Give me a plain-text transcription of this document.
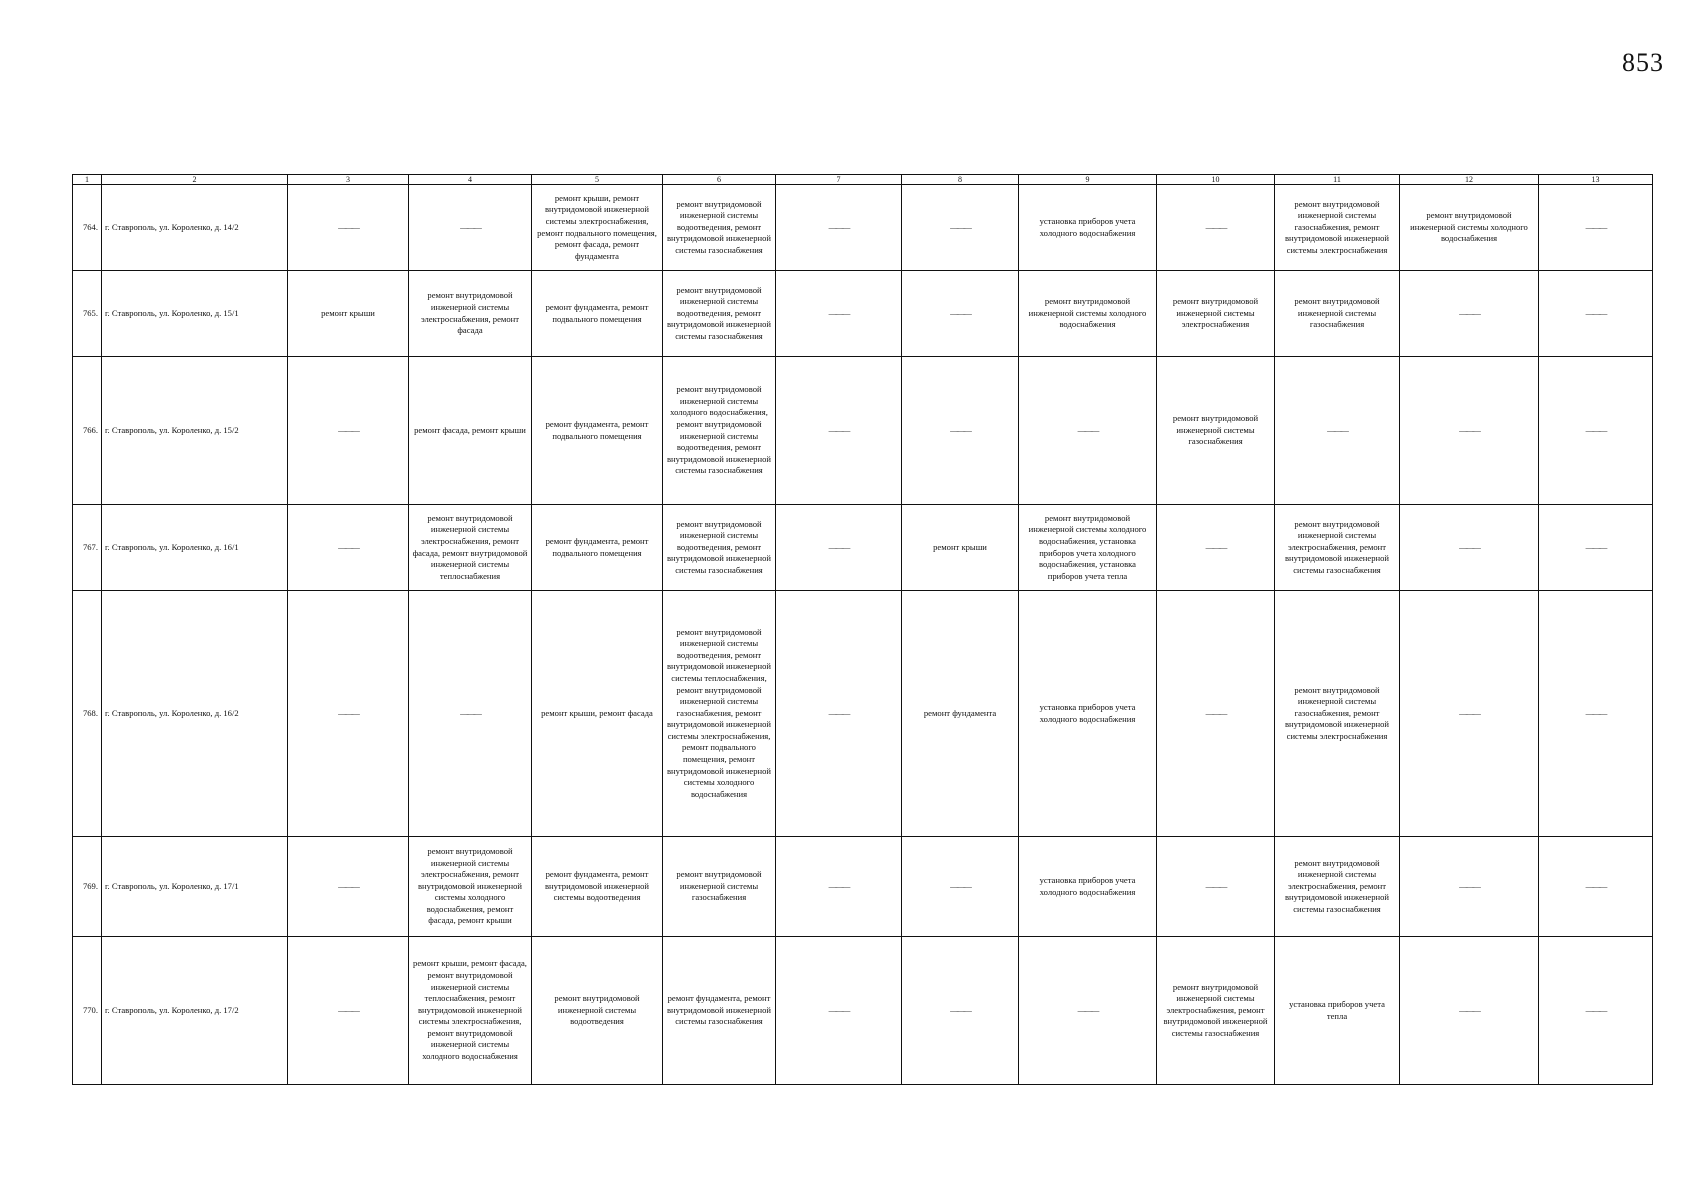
853
1	2	3	4	5	6	7	8	9	10	11	12	13
764.	г. Ставрополь, ул. Короленко, д. 14/2	———	———	ремонт крыши, ремонт внутридомовой инженерной системы электроснабжения, ремонт подвального помещения, ремонт фасада, ремонт фундамента	ремонт внутридомовой инженерной системы водоотведения, ремонт внутридомовой инженерной системы газоснабжения	———	———	установка приборов учета холодного водоснабжения	———	ремонт внутридомовой инженерной системы газоснабжения, ремонт внутридомовой инженерной системы электроснабжения	ремонт внутридомовой инженерной системы холодного водоснабжения	———
765.	г. Ставрополь, ул. Короленко, д. 15/1	ремонт крыши	ремонт внутридомовой инженерной системы электроснабжения, ремонт фасада	ремонт фундамента, ремонт подвального помещения	ремонт внутридомовой инженерной системы водоотведения, ремонт внутридомовой инженерной системы газоснабжения	———	———	ремонт внутридомовой инженерной системы холодного водоснабжения	ремонт внутридомовой инженерной системы электроснабжения	ремонт внутридомовой инженерной системы газоснабжения	———	———
766.	г. Ставрополь, ул. Короленко, д. 15/2	———	ремонт фасада, ремонт крыши	ремонт фундамента, ремонт подвального помещения	ремонт внутридомовой инженерной системы холодного водоснабжения, ремонт внутридомовой инженерной системы водоотведения, ремонт внутридомовой инженерной системы газоснабжения	———	———	———	ремонт внутридомовой инженерной системы газоснабжения	———	———	———
767.	г. Ставрополь, ул. Короленко, д. 16/1	———	ремонт внутридомовой инженерной системы электроснабжения, ремонт фасада, ремонт внутридомовой инженерной системы теплоснабжения	ремонт фундамента, ремонт подвального помещения	ремонт внутридомовой инженерной системы водоотведения, ремонт внутридомовой инженерной системы газоснабжения	———	ремонт крыши	ремонт внутридомовой инженерной системы холодного водоснабжения, установка приборов учета холодного водоснабжения, установка приборов учета тепла	———	ремонт внутридомовой инженерной системы электроснабжения, ремонт внутридомовой инженерной системы газоснабжения	———	———
768.	г. Ставрополь, ул. Короленко, д. 16/2	———	———	ремонт крыши, ремонт фасада	ремонт внутридомовой инженерной системы водоотведения, ремонт внутридомовой инженерной системы теплоснабжения, ремонт внутридомовой инженерной системы газоснабжения, ремонт внутридомовой инженерной системы электроснабжения, ремонт подвального помещения, ремонт внутридомовой инженерной системы холодного водоснабжения	———	ремонт фундамента	установка приборов учета холодного водоснабжения	———	ремонт внутридомовой инженерной системы газоснабжения, ремонт внутридомовой инженерной системы электроснабжения	———	———
769.	г. Ставрополь, ул. Короленко, д. 17/1	———	ремонт внутридомовой инженерной системы электроснабжения, ремонт внутридомовой инженерной системы холодного водоснабжения, ремонт фасада, ремонт крыши	ремонт фундамента, ремонт внутридомовой инженерной системы водоотведения	ремонт внутридомовой инженерной системы газоснабжения	———	———	установка приборов учета холодного водоснабжения	———	ремонт внутридомовой инженерной системы электроснабжения, ремонт внутридомовой инженерной системы газоснабжения	———	———
770.	г. Ставрополь, ул. Короленко, д. 17/2	———	ремонт крыши, ремонт фасада, ремонт внутридомовой инженерной системы теплоснабжения, ремонт внутридомовой инженерной системы электроснабжения, ремонт внутридомовой инженерной системы холодного водоснабжения	ремонт внутридомовой инженерной системы водоотведения	ремонт фундамента, ремонт внутридомовой инженерной системы газоснабжения	———	———	———	ремонт внутридомовой инженерной системы электроснабжения, ремонт внутридомовой инженерной системы газоснабжения	установка приборов учета тепла	———	———
